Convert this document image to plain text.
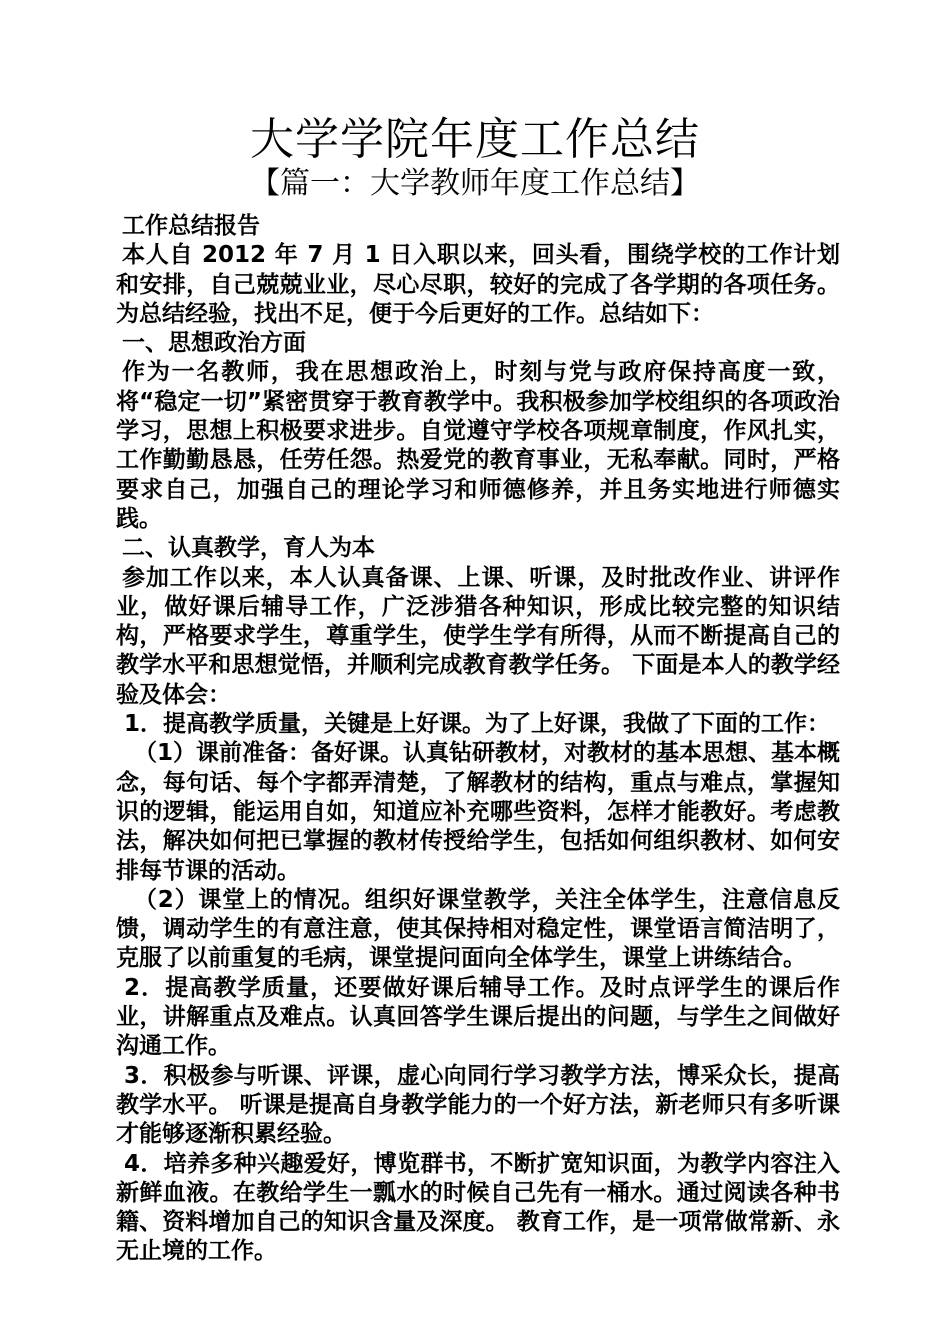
大学学院年度工作总结
【篇一：大学教师年度工作总结】

工作总结报告

本人自 2012 年 7 月 1 日入职以来，回头看，围绕学校的工作计划和安排，自己兢兢业业，尽心尽职，较好的完成了各学期的各项任务。为总结经验，找出不足，便于今后更好的工作。总结如下：

一、思想政治方面

作为一名教师，我在思想政治上，时刻与党与政府保持高度一致，将“稳定一切”紧密贯穿于教育教学中。我积极参加学校组织的各项政治学习，思想上积极要求进步。自觉遵守学校各项规章制度，作风扎实，工作勤勤恳恳，任劳任怨。热爱党的教育事业，无私奉献。同时，严格要求自己，加强自己的理论学习和师德修养，并且务实地进行师德实践。

二、认真教学，育人为本

参加工作以来，本人认真备课、上课、听课，及时批改作业、讲评作业，做好课后辅导工作，广泛涉猎各种知识，形成比较完整的知识结构，严格要求学生，尊重学生，使学生学有所得，从而不断提高自己的教学水平和思想觉悟，并顺利完成教育教学任务。 下面是本人的教学经验及体会：

1．提高教学质量，关键是上好课。为了上好课，我做了下面的工作：

（1）课前准备：备好课。认真钻研教材，对教材的基本思想、基本概念，每句话、每个字都弄清楚，了解教材的结构，重点与难点，掌握知识的逻辑，能运用自如，知道应补充哪些资料，怎样才能教好。考虑教法，解决如何把已掌握的教材传授给学生，包括如何组织教材、如何安排每节课的活动。

（2）课堂上的情况。组织好课堂教学，关注全体学生，注意信息反馈，调动学生的有意注意，使其保持相对稳定性，课堂语言简洁明了，克服了以前重复的毛病，课堂提问面向全体学生，课堂上讲练结合。

2．提高教学质量，还要做好课后辅导工作。及时点评学生的课后作业，讲解重点及难点。认真回答学生课后提出的问题，与学生之间做好沟通工作。

3．积极参与听课、评课，虚心向同行学习教学方法，博采众长，提高教学水平。 听课是提高自身教学能力的一个好方法，新老师只有多听课才能够逐渐积累经验。

4．培养多种兴趣爱好，博览群书，不断扩宽知识面，为教学内容注入新鲜血液。在教给学生一瓢水的时候自己先有一桶水。通过阅读各种书籍、资料增加自己的知识含量及深度。 教育工作，是一项常做常新、永无止境的工作。
